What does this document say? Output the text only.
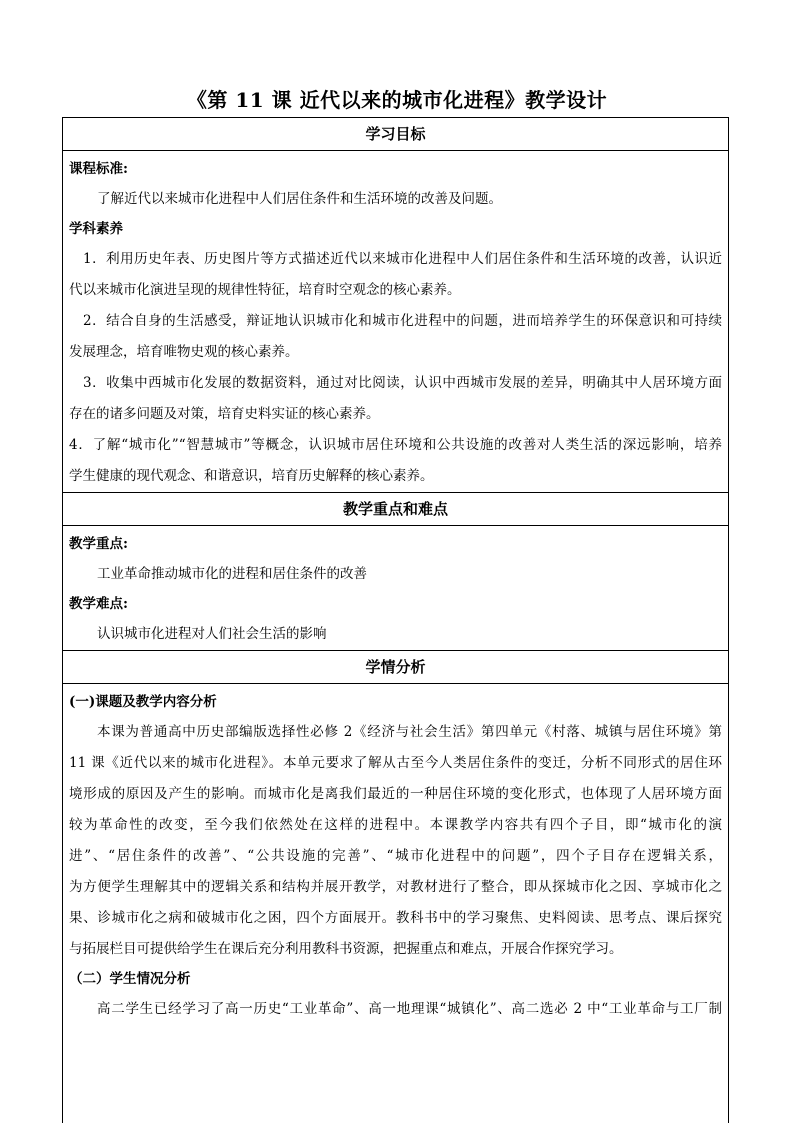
《第 11 课 近代以来的城市化进程》教学设计
学习目标
课程标准:
了解近代以来城市化进程中人们居住条件和生活环境的改善及问题。
学科素养
1．利用历史年表、历史图片等方式描述近代以来城市化进程中人们居住条件和生活环境的改善，认识近
代以来城市化演进呈现的规律性特征，培育时空观念的核心素养。
2．结合自身的生活感受，辩证地认识城市化和城市化进程中的问题，进而培养学生的环保意识和可持续
发展理念，培育唯物史观的核心素养。
3．收集中西城市化发展的数据资料，通过对比阅读，认识中西城市发展的差异，明确其中人居环境方面
存在的诸多问题及对策，培育史料实证的核心素养。
4．了解“城市化”“智慧城市”等概念，认识城市居住环境和公共设施的改善对人类生活的深远影响，培养
学生健康的现代观念、和谐意识，培育历史解释的核心素养。
教学重点和难点
教学重点:
工业革命推动城市化的进程和居住条件的改善
教学难点:
认识城市化进程对人们社会生活的影响
学情分析
(一)课题及教学内容分析
本课为普通高中历史部编版选择性必修 2《经济与社会生活》第四单元《村落、城镇与居住环境》第
11 课《近代以来的城市化进程》。本单元要求了解从古至今人类居住条件的变迁，分析不同形式的居住环
境形成的原因及产生的影响。而城市化是离我们最近的一种居住环境的变化形式，也体现了人居环境方面
较为革命性的改变，至今我们依然处在这样的进程中。本课教学内容共有四个子目，即“城市化的演
进”、“居住条件的改善”、“公共设施的完善”、“城市化进程中的问题”，四个子目存在逻辑关系，
为方便学生理解其中的逻辑关系和结构并展开教学，对教材进行了整合，即从探城市化之因、享城市化之
果、诊城市化之病和破城市化之困，四个方面展开。教科书中的学习聚焦、史料阅读、思考点、课后探究
与拓展栏目可提供给学生在课后充分利用教科书资源，把握重点和难点，开展合作探究学习。
（二）学生情况分析
高二学生已经学习了高一历史“工业革命”、高一地理课“城镇化”、高二选必 2 中“工业革命与工厂制
